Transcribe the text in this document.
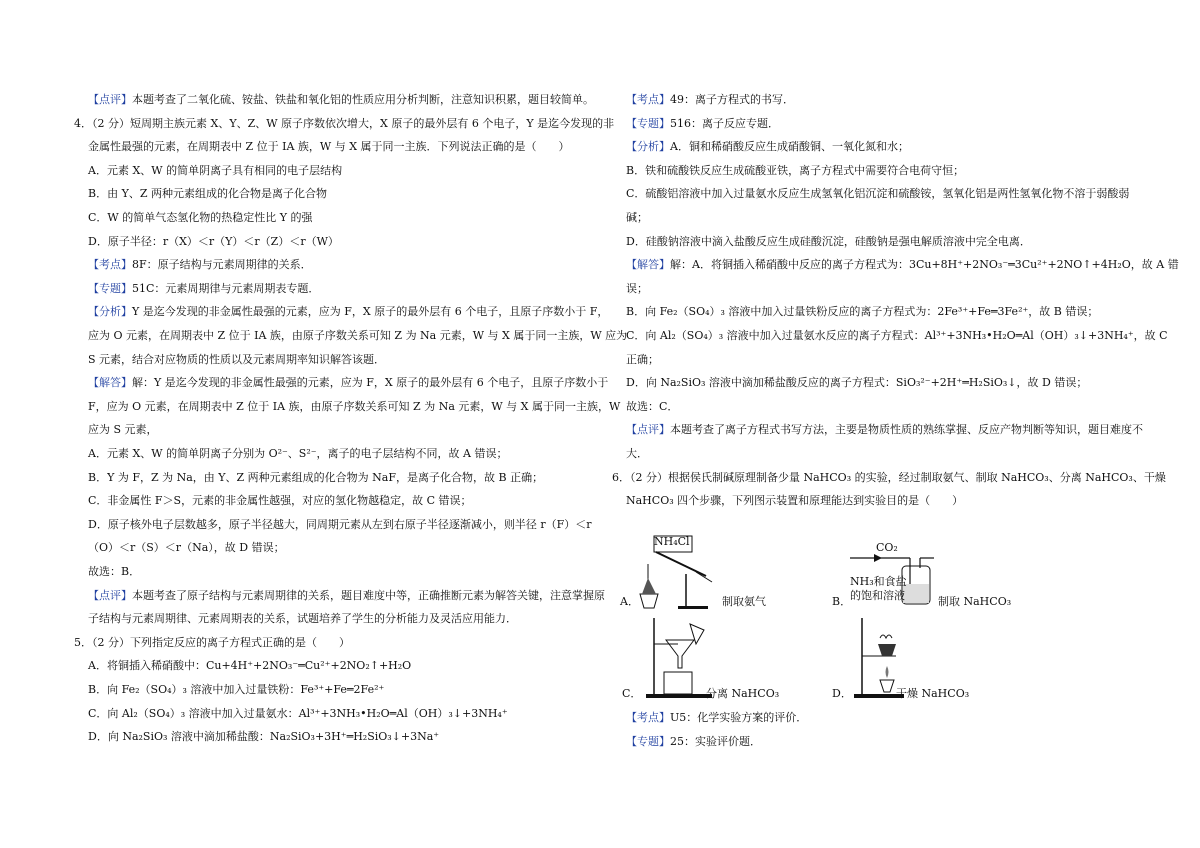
【点评】本题考查了二氧化硫、铵盐、铁盐和氧化铝的性质应用分析判断，注意知识积累，题目较简单。
4．（2 分）短周期主族元素 X、Y、Z、W 原子序数依次增大，X 原子的最外层有 6 个电子，Y 是迄今发现的非
金属性最强的元素，在周期表中 Z 位于 IA 族，W 与 X 属于同一主族．下列说法正确的是（　　）
A．元素 X、W 的简单阴离子具有相同的电子层结构
B．由 Y、Z 两种元素组成的化合物是离子化合物
C．W 的简单气态氢化物的热稳定性比 Y 的强
D．原子半径：r（X）＜r（Y）＜r（Z）＜r（W）
【考点】8F：原子结构与元素周期律的关系．
【专题】51C：元素周期律与元素周期表专题．
【分析】Y 是迄今发现的非金属性最强的元素，应为 F，X 原子的最外层有 6 个电子，且原子序数小于 F，
应为 O 元素，在周期表中 Z 位于 IA 族，由原子序数关系可知 Z 为 Na 元素，W 与 X 属于同一主族，W 应为
S 元素，结合对应物质的性质以及元素周期率知识解答该题．
【解答】解：Y 是迄今发现的非金属性最强的元素，应为 F，X 原子的最外层有 6 个电子，且原子序数小于
F，应为 O 元素，在周期表中 Z 位于 IA 族，由原子序数关系可知 Z 为 Na 元素，W 与 X 属于同一主族，W
应为 S 元素，
A．元素 X、W 的简单阴离子分别为 O²⁻、S²⁻，离子的电子层结构不同，故 A 错误；
B．Y 为 F，Z 为 Na，由 Y、Z 两种元素组成的化合物为 NaF，是离子化合物，故 B 正确；
C．非金属性 F＞S，元素的非金属性越强，对应的氢化物越稳定，故 C 错误；
D．原子核外电子层数越多，原子半径越大，同周期元素从左到右原子半径逐渐减小，则半径 r（F）＜r
（O）＜r（S）＜r（Na），故 D 错误；
故选：B．
【点评】本题考查了原子结构与元素周期律的关系，题目难度中等，正确推断元素为解答关键，注意掌握原
子结构与元素周期律、元素周期表的关系，试题培养了学生的分析能力及灵活应用能力．
5．（2 分）下列指定反应的离子方程式正确的是（　　）
A．将铜插入稀硝酸中：Cu+4H⁺+2NO₃⁻═Cu²⁺+2NO₂↑+H₂O
B．向 Fe₂（SO₄）₃ 溶液中加入过量铁粉：Fe³⁺+Fe═2Fe²⁺
C．向 Al₂（SO₄）₃ 溶液中加入过量氨水：Al³⁺+3NH₃•H₂O═Al（OH）₃↓+3NH₄⁺
D．向 Na₂SiO₃ 溶液中滴加稀盐酸：Na₂SiO₃+3H⁺═H₂SiO₃↓+3Na⁺
【考点】49：离子方程式的书写．
【专题】516：离子反应专题．
【分析】A．铜和稀硝酸反应生成硝酸铜、一氧化氮和水；
B．铁和硫酸铁反应生成硫酸亚铁，离子方程式中需要符合电荷守恒；
C．硫酸铝溶液中加入过量氨水反应生成氢氧化铝沉淀和硫酸铵，氢氧化铝是两性氢氧化物不溶于弱酸弱
碱；
D．硅酸钠溶液中滴入盐酸反应生成硅酸沉淀，硅酸钠是强电解质溶液中完全电离．
【解答】解：A．将铜插入稀硝酸中反应的离子方程式为：3Cu+8H⁺+2NO₃⁻═3Cu²⁺+2NO↑+4H₂O，故 A 错
误；
B．向 Fe₂（SO₄）₃ 溶液中加入过量铁粉反应的离子方程式为：2Fe³⁺+Fe═3Fe²⁺，故 B 错误；
C．向 Al₂（SO₄）₃ 溶液中加入过量氨水反应的离子方程式：Al³⁺+3NH₃•H₂O═Al（OH）₃↓+3NH₄⁺，故 C
正确；
D．向 Na₂SiO₃ 溶液中滴加稀盐酸反应的离子方程式：SiO₃²⁻+2H⁺═H₂SiO₃↓，故 D 错误；
故选：C．
【点评】本题考查了离子方程式书写方法，主要是物质性质的熟练掌握、反应产物判断等知识，题目难度不
大．
6．（2 分）根据侯氏制碱原理制备少量 NaHCO₃ 的实验，经过制取氨气、制取 NaHCO₃、分离 NaHCO₃、干燥
NaHCO₃ 四个步骤，下列图示装置和原理能达到实验目的是（　　）
NH₄Cl
A．	制取氨气
CO₂
NH₃和食盐
的饱和溶液
B．	制取 NaHCO₃
C．	分离 NaHCO₃	D．	干燥 NaHCO₃
【考点】U5：化学实验方案的评价．
【专题】25：实验评价题．
